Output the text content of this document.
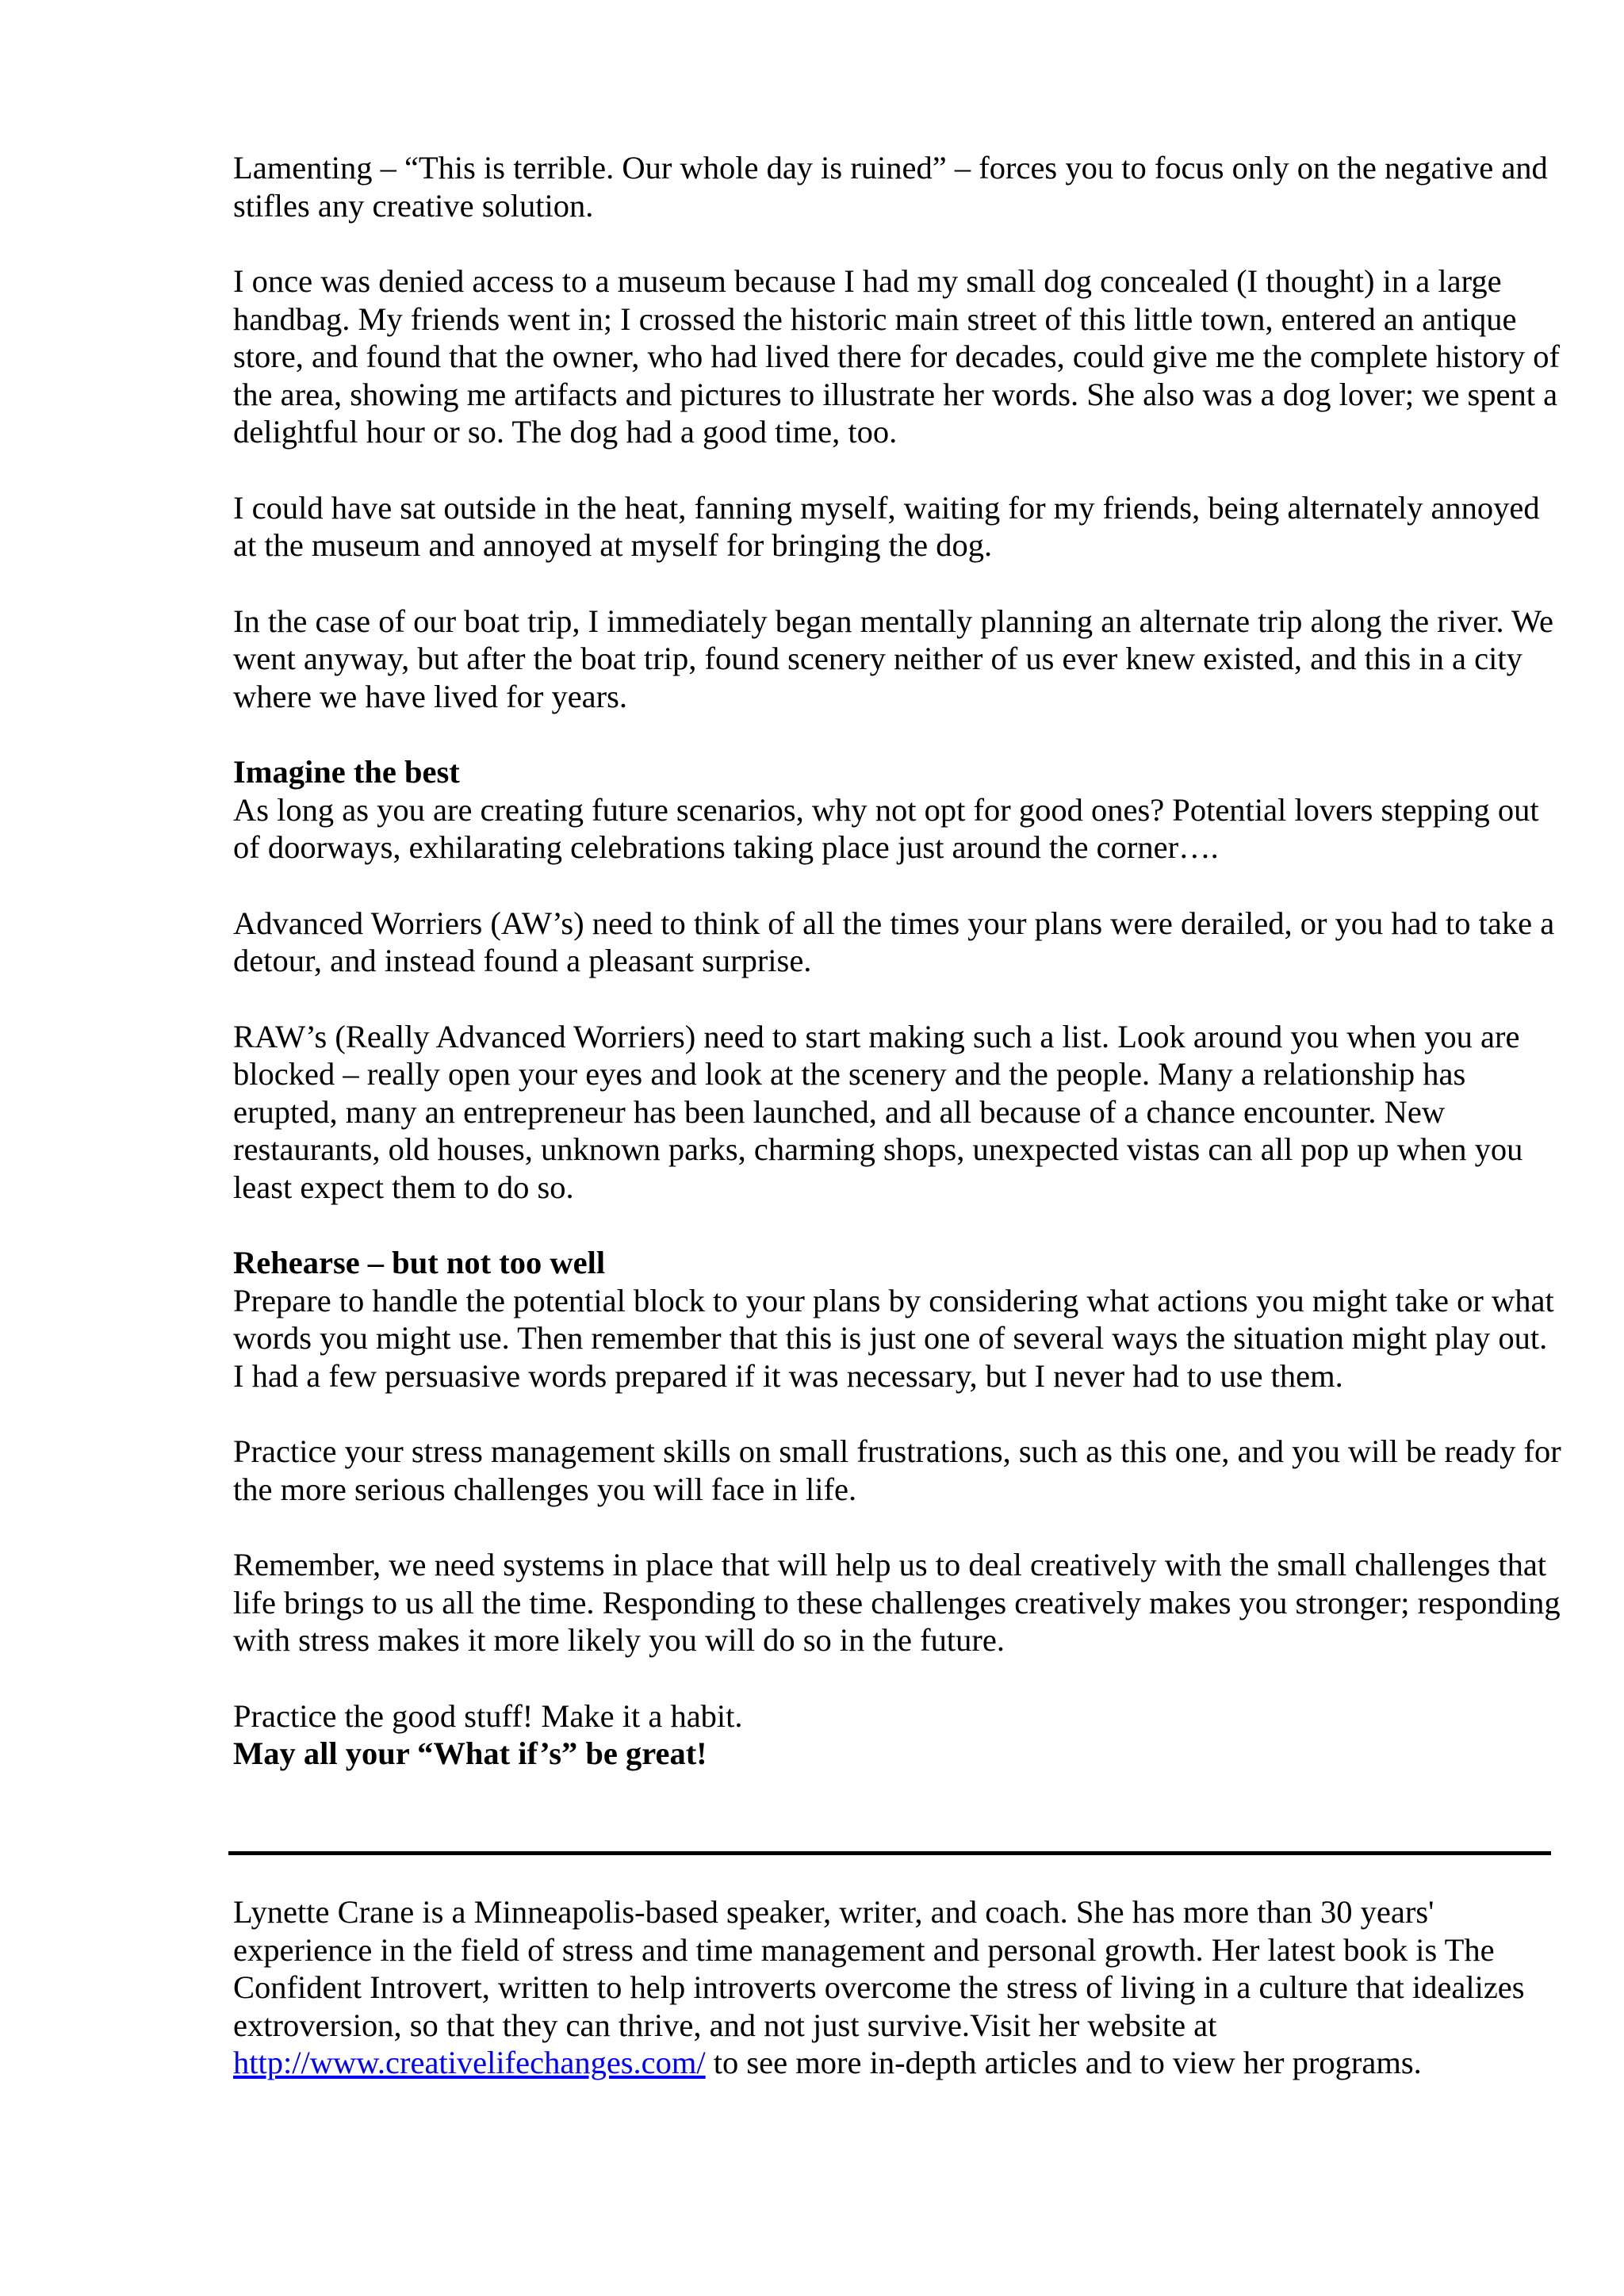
Lamenting – “This is terrible. Our whole day is ruined” – forces you to focus only on the negative and stifles any creative solution.

I once was denied access to a museum because I had my small dog concealed (I thought) in a large handbag. My friends went in; I crossed the historic main street of this little town, entered an antique store, and found that the owner, who had lived there for decades, could give me the complete history of the area, showing me artifacts and pictures to illustrate her words. She also was a dog lover; we spent a delightful hour or so. The dog had a good time, too.

I could have sat outside in the heat, fanning myself, waiting for my friends, being alternately annoyed at the museum and annoyed at myself for bringing the dog.

In the case of our boat trip, I immediately began mentally planning an alternate trip along the river. We went anyway, but after the boat trip, found scenery neither of us ever knew existed, and this in a city where we have lived for years.

Imagine the best
As long as you are creating future scenarios, why not opt for good ones? Potential lovers stepping out of doorways, exhilarating celebrations taking place just around the corner….

Advanced Worriers (AW’s) need to think of all the times your plans were derailed, or you had to take a detour, and instead found a pleasant surprise.

RAW’s (Really Advanced Worriers) need to start making such a list. Look around you when you are blocked – really open your eyes and look at the scenery and the people. Many a relationship has erupted, many an entrepreneur has been launched, and all because of a chance encounter. New restaurants, old houses, unknown parks, charming shops, unexpected vistas can all pop up when you least expect them to do so.

Rehearse – but not too well
Prepare to handle the potential block to your plans by considering what actions you might take or what words you might use. Then remember that this is just one of several ways the situation might play out. I had a few persuasive words prepared if it was necessary, but I never had to use them.

Practice your stress management skills on small frustrations, such as this one, and you will be ready for the more serious challenges you will face in life.

Remember, we need systems in place that will help us to deal creatively with the small challenges that life brings to us all the time. Responding to these challenges creatively makes you stronger; responding with stress makes it more likely you will do so in the future.

Practice the good stuff! Make it a habit.

May all your “What if’s” be great!

Lynette Crane is a Minneapolis-based speaker, writer, and coach. She has more than 30 years' experience in the field of stress and time management and personal growth. Her latest book is The Confident Introvert, written to help introverts overcome the stress of living in a culture that idealizes extroversion, so that they can thrive, and not just survive.Visit her website at
http://www.creativelifechanges.com/ to see more in-depth articles and to view her programs.
